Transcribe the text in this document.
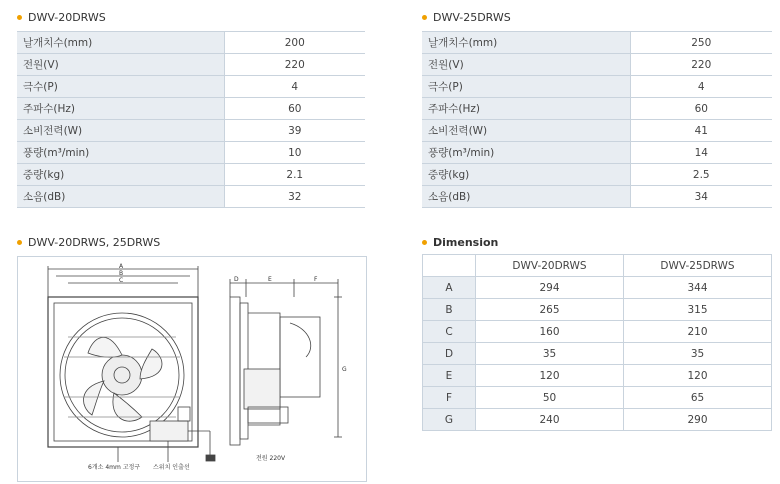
DWV-20DRWS
날개치수(mm)	200
전원(V)	220
극수(P)	4
주파수(Hz)	60
소비전력(W)	39
풍량(m³/min)	10
중량(kg)	2.1
소음(dB)	32
DWV-25DRWS
날개치수(mm)	250
전원(V)	220
극수(P)	4
주파수(Hz)	60
소비전력(W)	41
풍량(m³/min)	14
중량(kg)	2.5
소음(dB)	34
DWV-20DRWS, 25DRWS
A
B
C	D	E	F
G
6개소 4mm 고정구 스위치 인출선
전원 220V
Dimension
	DWV-20DRWS	DWV-25DRWS
A	294	344
B	265	315
C	160	210
D	35	35
E	120	120
F	50	65
G	240	290
